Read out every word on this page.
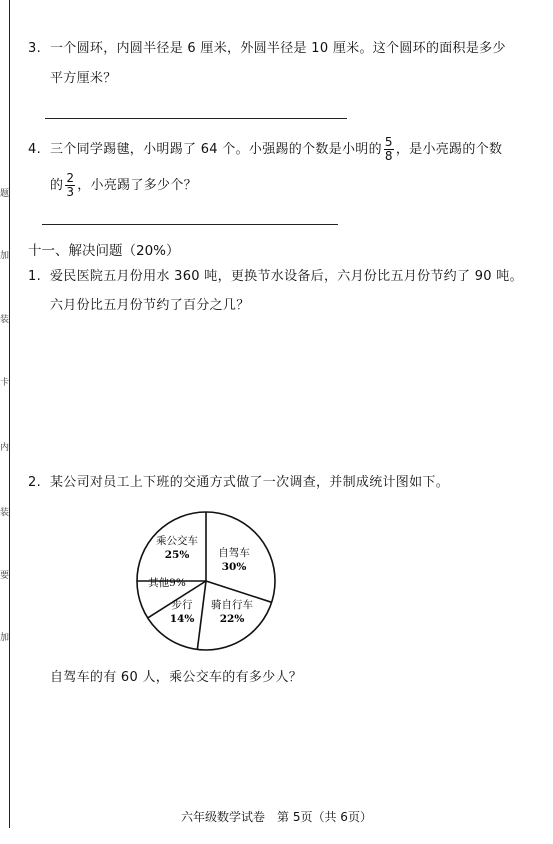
题
加
装
卡
内
装
要
加
3. 一个圆环，内圆半径是 6 厘米，外圆半径是 10 厘米。这个圆环的面积是多少
平方厘米？
4. 三个同学踢毽，小明踢了 64 个。小强踢的个数是小明的 $\frac{5}{8}$ ，是小亮踢的个数
的 $\frac{2}{3}$ ，小亮踢了多少个？
十一、解决问题（20%）
1. 爱民医院五月份用水 360 吨，更换节水设备后，六月份比五月份节约了 90 吨。
六月份比五月份节约了百分之几？
2. 某公司对员工上下班的交通方式做了一次调查，并制成统计图如下。
自驾车
30%
骑自行车
22%
步行
14%
其他9%
乘公交车
25%
自驾车的有 60 人，乘公交车的有多少人？
六年级数学试卷　第 5页（共 6页）
